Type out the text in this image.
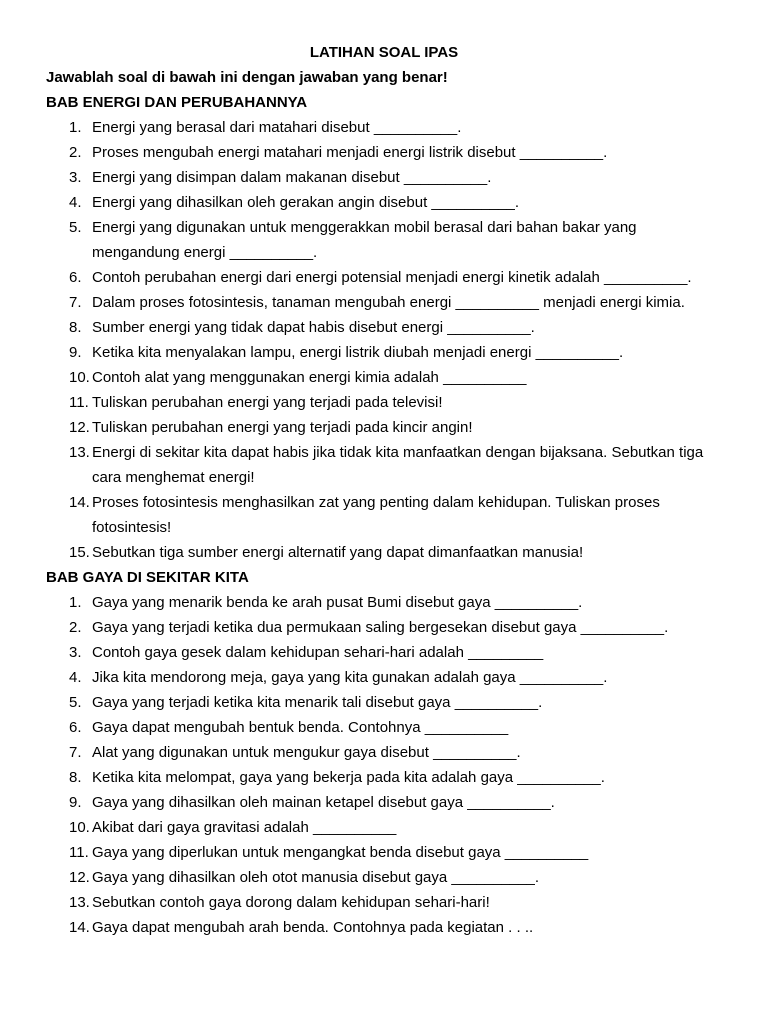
LATIHAN SOAL IPAS

Jawablah soal di bawah ini dengan jawaban yang benar!

BAB ENERGI DAN PERUBAHANNYA

1. Energi yang berasal dari matahari disebut __________.
2. Proses mengubah energi matahari menjadi energi listrik disebut __________.
3. Energi yang disimpan dalam makanan disebut __________.
4. Energi yang dihasilkan oleh gerakan angin disebut __________.
5. Energi yang digunakan untuk menggerakkan mobil berasal dari bahan bakar yang mengandung energi __________.
6. Contoh perubahan energi dari energi potensial menjadi energi kinetik adalah __________.
7. Dalam proses fotosintesis, tanaman mengubah energi __________ menjadi energi kimia.
8. Sumber energi yang tidak dapat habis disebut energi __________.
9. Ketika kita menyalakan lampu, energi listrik diubah menjadi energi __________.
10. Contoh alat yang menggunakan energi kimia adalah __________
11. Tuliskan perubahan energi yang terjadi pada televisi!
12. Tuliskan perubahan energi yang terjadi pada kincir angin!
13. Energi di sekitar kita dapat habis jika tidak kita manfaatkan dengan bijaksana. Sebutkan tiga cara menghemat energi!
14. Proses fotosintesis menghasilkan zat yang penting dalam kehidupan. Tuliskan proses fotosintesis!
15. Sebutkan tiga sumber energi alternatif yang dapat dimanfaatkan manusia!

BAB GAYA DI SEKITAR KITA

1. Gaya yang menarik benda ke arah pusat Bumi disebut gaya __________.
2. Gaya yang terjadi ketika dua permukaan saling bergesekan disebut gaya __________.
3. Contoh gaya gesek dalam kehidupan sehari-hari adalah _________
4. Jika kita mendorong meja, gaya yang kita gunakan adalah gaya __________.
5. Gaya yang terjadi ketika kita menarik tali disebut gaya __________.
6. Gaya dapat mengubah bentuk benda. Contohnya __________
7. Alat yang digunakan untuk mengukur gaya disebut __________.
8. Ketika kita melompat, gaya yang bekerja pada kita adalah gaya __________.
9. Gaya yang dihasilkan oleh mainan ketapel disebut gaya __________.
10. Akibat dari gaya gravitasi adalah __________
11. Gaya yang diperlukan untuk mengangkat benda disebut gaya __________
12. Gaya yang dihasilkan oleh otot manusia disebut gaya __________.
13. Sebutkan contoh gaya dorong dalam kehidupan sehari-hari!
14. Gaya dapat mengubah arah benda. Contohnya pada kegiatan . . ..
